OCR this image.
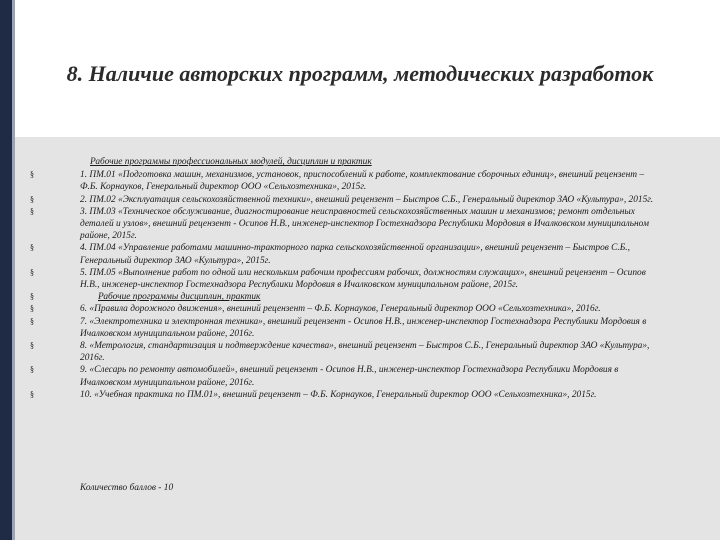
8. Наличие авторских программ, методических разработок
Рабочие программы профессиональных модулей, дисциплин и практик
§	1. ПМ.01 «Подготовка машин, механизмов, установок, приспособлений к работе, комплектование сборочных единиц», внешний рецензент – Ф.Б. Корнауков, Генеральный директор ООО «Сельхозтехника», 2015г.
§	2. ПМ.02 «Эксплуатация сельскохозяйственной техники», внешний рецензент – Быстров С.Б., Генеральный директор ЗАО «Культура», 2015г.
§	3. ПМ.03 «Техническое обслуживание, диагностирование неисправностей сельскохозяйственных машин и механизмов; ремонт отдельных деталей и узлов», внешний рецензент - Осипов Н.В., инженер-инспектор Гостехнадзора Республики Мордовия в Ичалковском муниципальном районе, 2015г.
§	4. ПМ.04 «Управление работами машинно-тракторного парка сельскохозяйственной организации», внешний рецензент – Быстров С.Б., Генеральный директор ЗАО «Культура», 2015г.
§	5. ПМ.05 «Выполнение работ по одной или нескольким рабочим профессиям рабочих, должностям служащих», внешний рецензент – Осипов Н.В., инженер-инспектор Гостехнадзора Республики Мордовия в Ичалковском муниципальном районе, 2015г.
§	Рабочие программы дисциплин, практик
§	6. «Правила дорожного движения», внешний рецензент – Ф.Б. Корнауков, Генеральный директор ООО «Сельхозтехника», 2016г.
§	7. «Электротехника и электронная техника», внешний рецензент - Осипов Н.В., инженер-инспектор Гостехнадзора Республики Мордовия в Ичалковском муниципальном районе, 2016г.
§	8. «Метрология, стандартизация и подтверждение качества», внешний рецензент – Быстров С.Б., Генеральный директор ЗАО «Культура», 2016г.
§	9. «Слесарь по ремонту автомобилей», внешний рецензент - Осипов Н.В., инженер-инспектор Гостехнадзора Республики Мордовия в Ичалковском муниципальном районе, 2016г.
§	10. «Учебная практика по ПМ.01», внешний рецензент – Ф.Б. Корнауков, Генеральный директор ООО «Сельхозтехника», 2015г.
Количество баллов - 10
